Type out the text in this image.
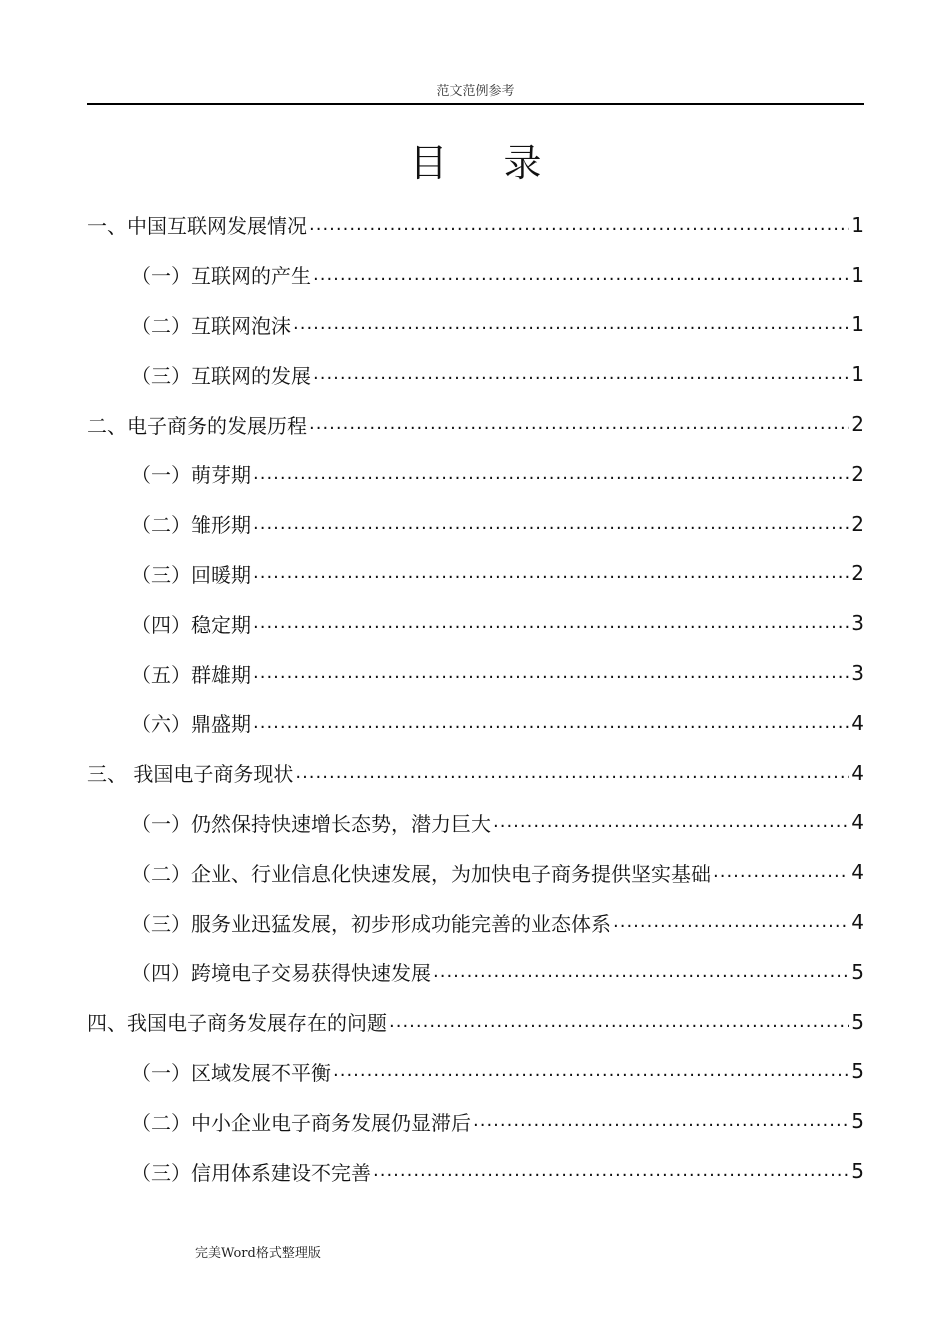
范文范例参考
目 录
一、中国互联网发展情况 .....	1
（一）互联网的产生 .....	1
（二）互联网泡沫 .....	1
（三）互联网的发展 .....	1
二、电子商务的发展历程 .....	2
（一）萌芽期 .....	2
（二）雏形期 .....	2
（三）回暖期 .....	2
（四）稳定期 .....	3
（五）群雄期 .....	3
（六）鼎盛期 .....	4
三、 我国电子商务现状 .....	4
（一）仍然保持快速增长态势，潜力巨大 .....	4
（二）企业、行业信息化快速发展，为加快电子商务提供坚实基础 .....	4
（三）服务业迅猛发展，初步形成功能完善的业态体系 .....	4
（四）跨境电子交易获得快速发展 .....	5
四、我国电子商务发展存在的问题 .....	5
（一）区域发展不平衡 .....	5
（二）中小企业电子商务发展仍显滞后 .....	5
（三）信用体系建设不完善 .....	5
完美Word格式整理版
